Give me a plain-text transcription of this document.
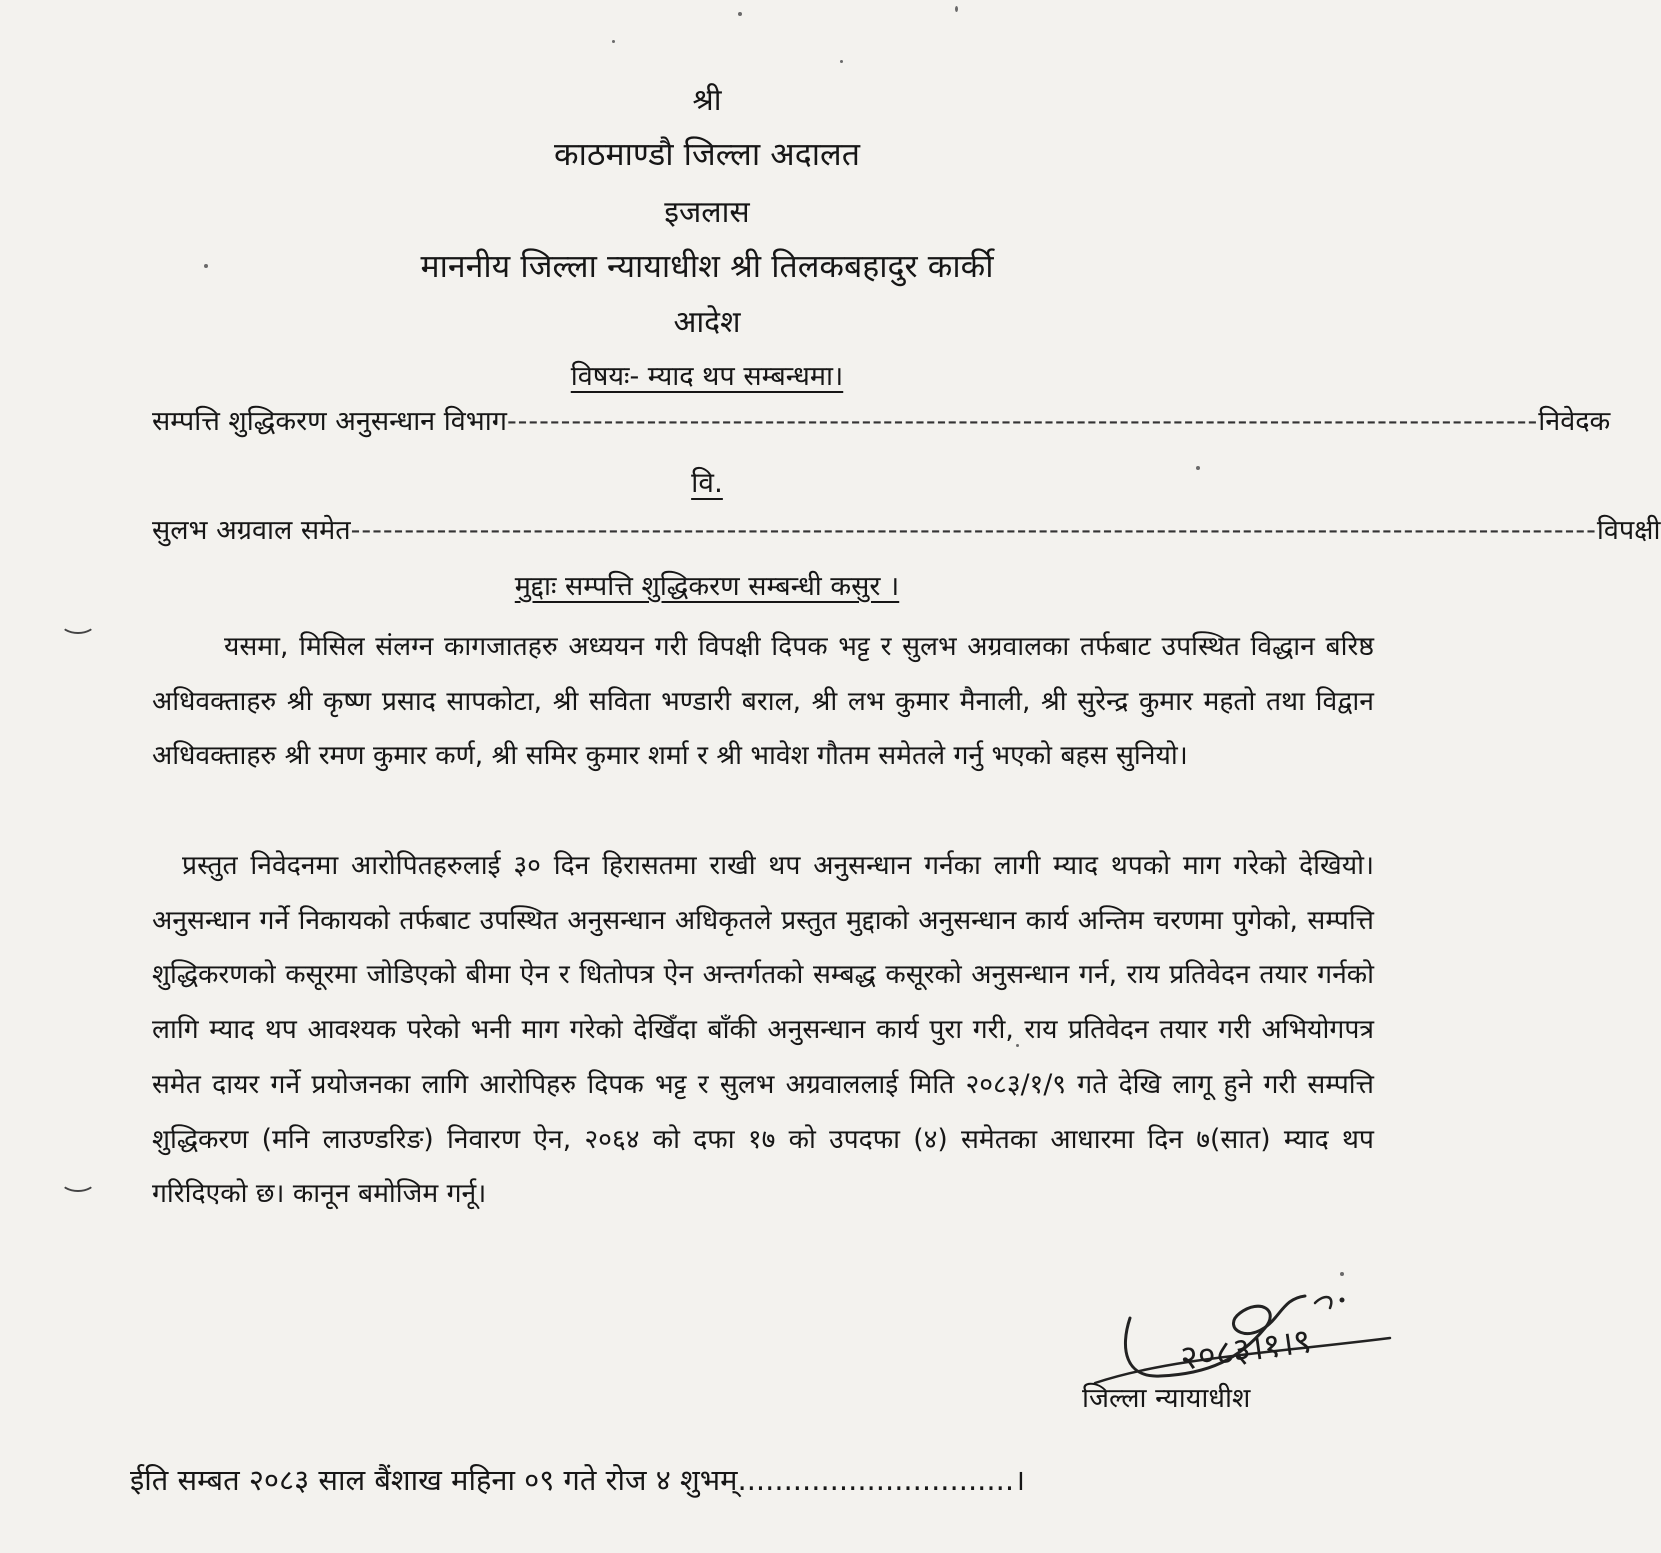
श्री
काठमाण्डौ जिल्ला अदालत
इजलास
माननीय जिल्ला न्यायाधीश श्री तिलकबहादुर कार्की
आदेश
विषयः- म्याद थप सम्बन्धमा।
सम्पत्ति शुद्धिकरण अनुसन्धान विभाग ------------------------------------------------------------------------------------------------ निवेदक
वि.
सुलभ अग्रवाल समेत -------------------------------------------------------------------------------------------------------------------- विपक्षी
मुद्दाः सम्पत्ति शुद्धिकरण सम्बन्धी कसुर ।
यसमा, मिसिल संलग्न कागजातहरु अध्ययन गरी विपक्षी दिपक भट्ट र सुलभ अग्रवालका तर्फबाट उपस्थित विद्धान बरिष्ठ अधिवक्ताहरु श्री कृष्ण प्रसाद सापकोटा, श्री सविता भण्डारी बराल, श्री लभ कुमार मैनाली, श्री सुरेन्द्र कुमार महतो तथा विद्वान अधिवक्ताहरु श्री रमण कुमार कर्ण, श्री समिर कुमार शर्मा र श्री भावेश गौतम समेतले गर्नु भएको बहस सुनियो।
प्रस्तुत निवेदनमा आरोपितहरुलाई ३० दिन हिरासतमा राखी थप अनुसन्धान गर्नका लागी म्याद थपको माग गरेको देखियो। अनुसन्धान गर्ने निकायको तर्फबाट उपस्थित अनुसन्धान अधिकृतले प्रस्तुत मुद्दाको अनुसन्धान कार्य अन्तिम चरणमा पुगेको, सम्पत्ति शुद्धिकरणको कसूरमा जोडिएको बीमा ऐन र धितोपत्र ऐन अन्तर्गतको सम्बद्ध कसूरको अनुसन्धान गर्न, राय प्रतिवेदन तयार गर्नको लागि म्याद थप आवश्यक परेको भनी माग गरेको देखिँदा बाँकी अनुसन्धान कार्य पुरा गरी, राय प्रतिवेदन तयार गरी अभियोगपत्र समेत दायर गर्ने प्रयोजनका लागि आरोपिहरु दिपक भट्ट र सुलभ अग्रवाललाई मिति २०८३/१/९ गते देखि लागू हुने गरी सम्पत्ति शुद्धिकरण (मनि लाउण्डरिङ) निवारण ऐन, २०६४ को दफा १७ को उपदफा (४) समेतका आधारमा दिन ७(सात) म्याद थप गरिदिएको छ। कानून बमोजिम गर्नू।
२०८३।१।९
जिल्ला न्यायाधीश
ईति सम्बत २०८३ साल बैंशाख महिना ०९ गते रोज ४ शुभम्..............................।
